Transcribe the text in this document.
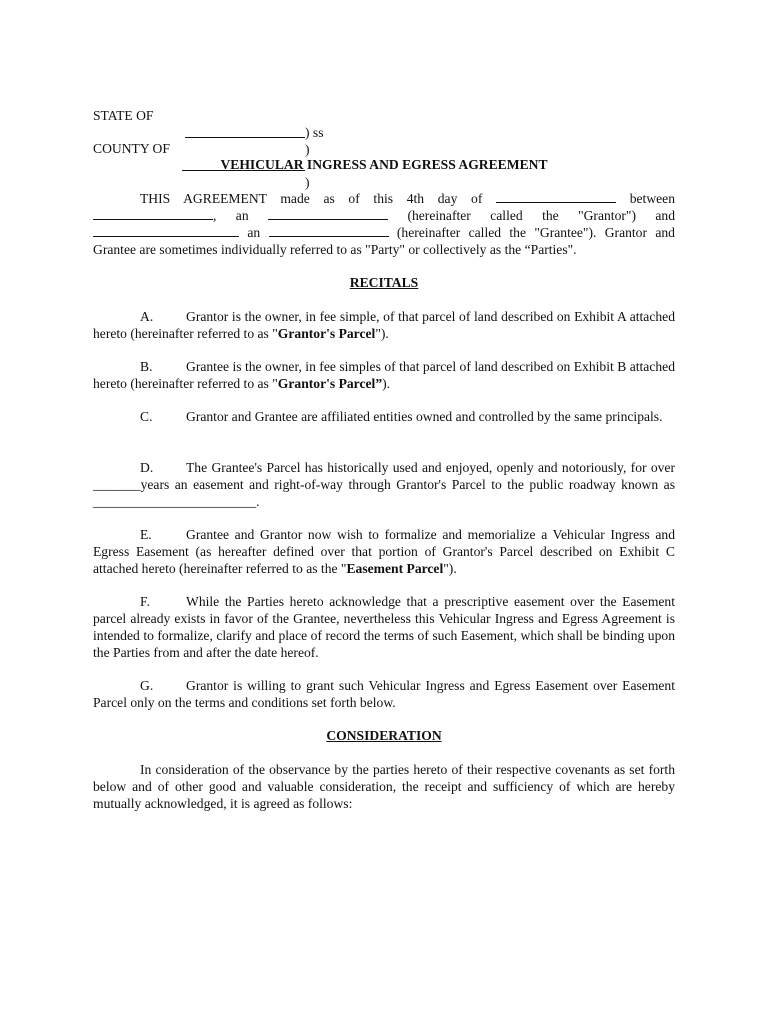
STATE OF

)

) ss

COUNTY OF

)

VEHICULAR INGRESS AND EGRESS AGREEMENT
THIS AGREEMENT made as of this 4th day of	between , an	(hereinafter called the "Grantor") and  an	(hereinafter called the "Grantee"). Grantor and Grantee are sometimes individually referred to as "Party" or collectively as the “Parties".
RECITALS
A. Grantor is the owner, in fee simple, of that parcel of land described on Exhibit A attached hereto (hereinafter referred to as "Grantor's Parcel").
B. Grantee is the owner, in fee simples of that parcel of land described on Exhibit B attached hereto (hereinafter referred to as "Grantor's Parcel”).
C. Grantor and Grantee are affiliated entities owned and controlled by the same principals.
D. The Grantee's Parcel has historically used and enjoyed, openly and notoriously, for over _______years an easement and right-of-way through Grantor's Parcel to the public roadway known as ________________________.
E.	Grantee and Grantor now wish to formalize and memorialize a Vehicular Ingress and Egress Easement (as hereafter defined over that portion of Grantor's Parcel described on Exhibit C attached hereto (hereinafter referred to as the "Easement Parcel").
F.	While the Parties hereto acknowledge that a prescriptive easement over the Easement parcel already exists in favor of the Grantee, nevertheless this Vehicular Ingress and Egress Agreement is intended to formalize, clarify and place of record the terms of such Easement, which shall be binding upon the Parties from and after the date hereof.
G. Grantor is willing to grant such Vehicular Ingress and Egress Easement over Easement Parcel only on the terms and conditions set forth below.
CONSIDERATION
In consideration of the observance by the parties hereto of their respective covenants as set forth below and of other good and valuable consideration, the receipt and sufficiency of which are hereby mutually acknowledged, it is agreed as follows:
